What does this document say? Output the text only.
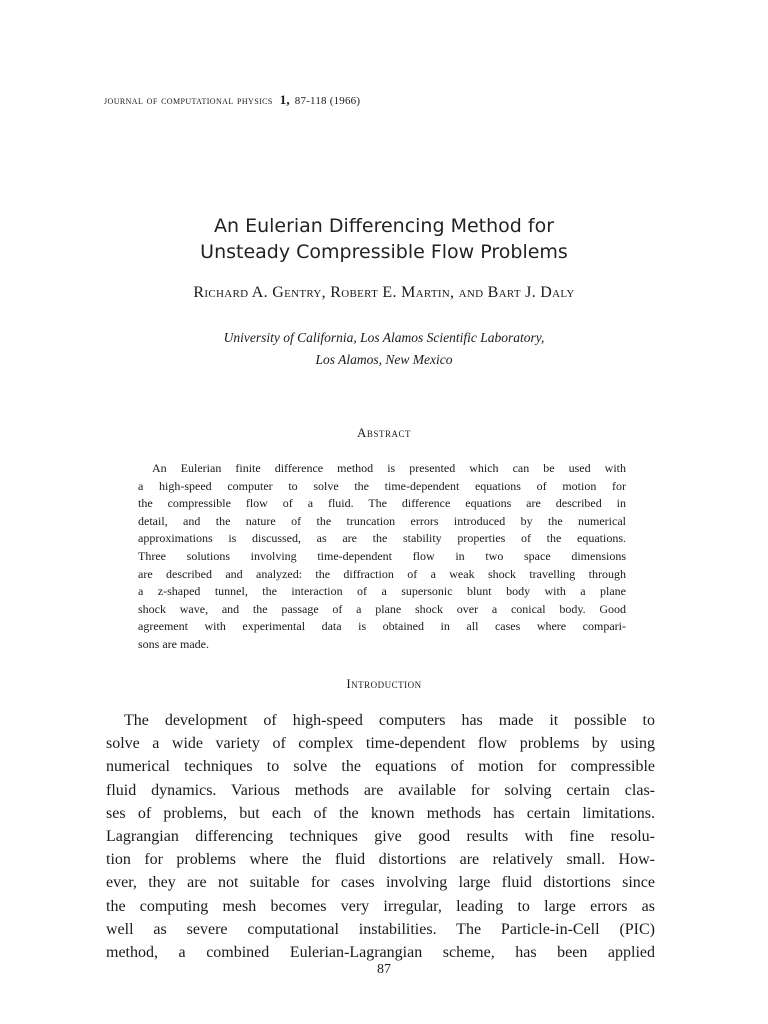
journal of computational physics 1, 87-118 (1966)
An Eulerian Differencing Method for
Unsteady Compressible Flow Problems
Richard A. Gentry, Robert E. Martin, and Bart J. Daly
University of California, Los Alamos Scientific Laboratory,
Los Alamos, New Mexico
Abstract
An Eulerian finite difference method is presented which can be used with
a high-speed computer to solve the time-dependent equations of motion for
the compressible flow of a fluid. The difference equations are described in
detail, and the nature of the truncation errors introduced by the numerical
approximations is discussed, as are the stability properties of the equations.
Three solutions involving time-dependent flow in two space dimensions
are described and analyzed: the diffraction of a weak shock travelling through
a z-shaped tunnel, the interaction of a supersonic blunt body with a plane
shock wave, and the passage of a plane shock over a conical body. Good
agreement with experimental data is obtained in all cases where compari-
sons are made.
Introduction
The development of high-speed computers has made it possible to
solve a wide variety of complex time-dependent flow problems by using
numerical techniques to solve the equations of motion for compressible
fluid dynamics. Various methods are available for solving certain clas-
ses of problems, but each of the known methods has certain limitations.
Lagrangian differencing techniques give good results with fine resolu-
tion for problems where the fluid distortions are relatively small. How-
ever, they are not suitable for cases involving large fluid distortions since
the computing mesh becomes very irregular, leading to large errors as
well as severe computational instabilities. The Particle-in-Cell (PIC)
method, a combined Eulerian-Lagrangian scheme, has been applied
87
